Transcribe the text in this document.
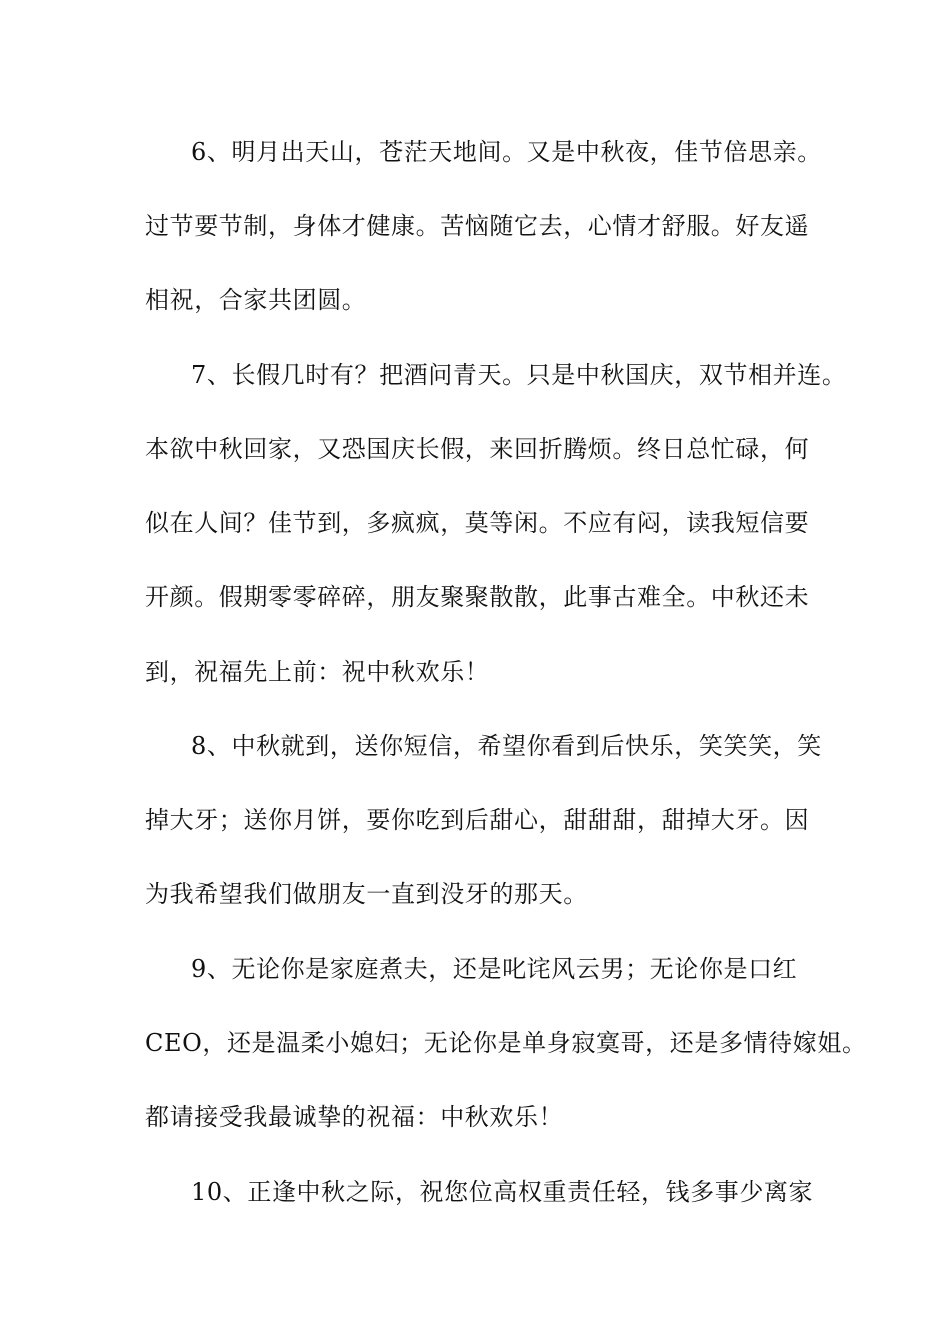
6、明月出天山，苍茫天地间。又是中秋夜，佳节倍思亲。
过节要节制，身体才健康。苦恼随它去，心情才舒服。好友遥
相祝，合家共团圆。
7、长假几时有？把酒问青天。只是中秋国庆，双节相并连。
本欲中秋回家，又恐国庆长假，来回折腾烦。终日总忙碌，何
似在人间？佳节到，多疯疯，莫等闲。不应有闷，读我短信要
开颜。假期零零碎碎，朋友聚聚散散，此事古难全。中秋还未
到，祝福先上前：祝中秋欢乐！
8、中秋就到，送你短信，希望你看到后快乐，笑笑笑，笑
掉大牙；送你月饼，要你吃到后甜心，甜甜甜，甜掉大牙。因
为我希望我们做朋友一直到没牙的那天。
9、无论你是家庭煮夫，还是叱诧风云男；无论你是口红
CEO，还是温柔小媳妇；无论你是单身寂寞哥，还是多情待嫁姐。
都请接受我最诚挚的祝福：中秋欢乐！
10、正逢中秋之际，祝您位高权重责任轻，钱多事少离家
